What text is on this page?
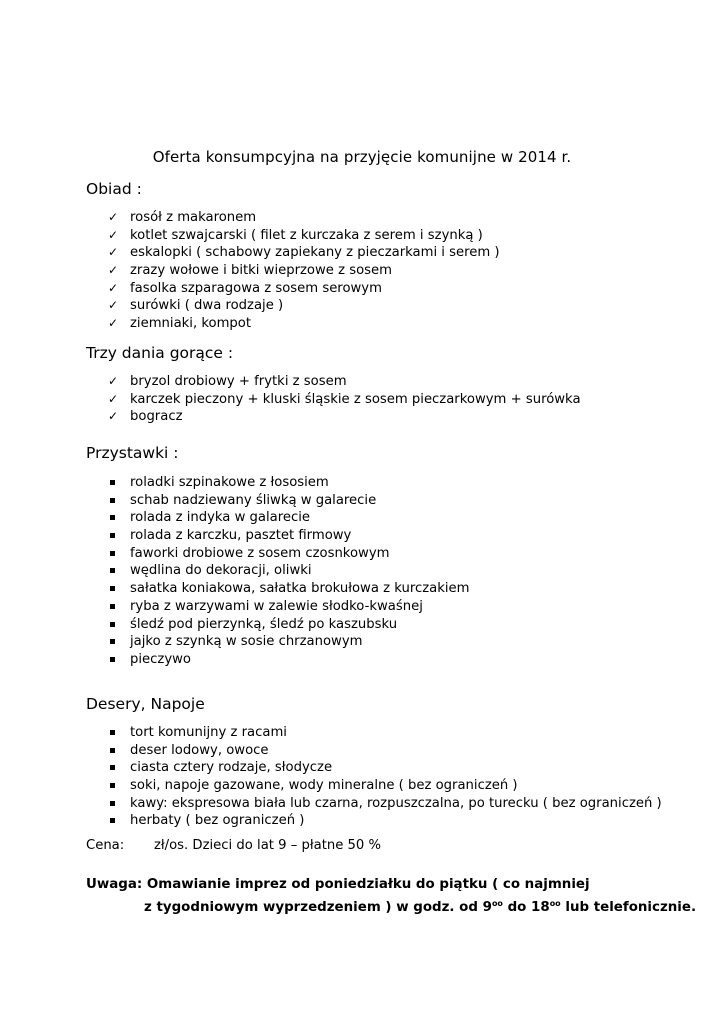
Oferta konsumpcyjna na przyjęcie komunijne w 2014 r.
Obiad :
✓ rosół z makaronem
✓ kotlet szwajcarski ( filet z kurczaka z serem i szynką )
✓ eskalopki ( schabowy zapiekany z pieczarkami i serem )
✓ zrazy wołowe i bitki wieprzowe z sosem
✓ fasolka szparagowa z sosem serowym
✓ surówki ( dwa rodzaje )
✓ ziemniaki, kompot
Trzy dania gorące :
✓ bryzol drobiowy + frytki z sosem
✓ karczek pieczony + kluski śląskie z sosem pieczarkowym + surówka
✓ bogracz
Przystawki :
roladki szpinakowe z łososiem
schab nadziewany śliwką w galarecie
rolada z indyka w galarecie
rolada z karczku, pasztet firmowy
faworki drobiowe z sosem czosnkowym
wędlina do dekoracji, oliwki
sałatka koniakowa, sałatka brokułowa z kurczakiem
ryba z warzywami w zalewie słodko-kwaśnej
śledź pod pierzynką, śledź po kaszubsku
jajko z szynką w sosie chrzanowym
pieczywo
Desery, Napoje
tort komunijny z racami
deser lodowy, owoce
ciasta cztery rodzaje, słodycze
soki, napoje gazowane, wody mineralne ( bez ograniczeń )
kawy: ekspresowa biała lub czarna, rozpuszczalna, po turecku ( bez ograniczeń )
herbaty ( bez ograniczeń )
Cena: zł/os. Dzieci do lat 9 – płatne 50 %
Uwaga: Omawianie imprez od poniedziałku do piątku ( co najmniej
z tygodniowym wyprzedzeniem ) w godz. od $9^{oo}$ do $18^{oo}$ lub telefonicznie.
